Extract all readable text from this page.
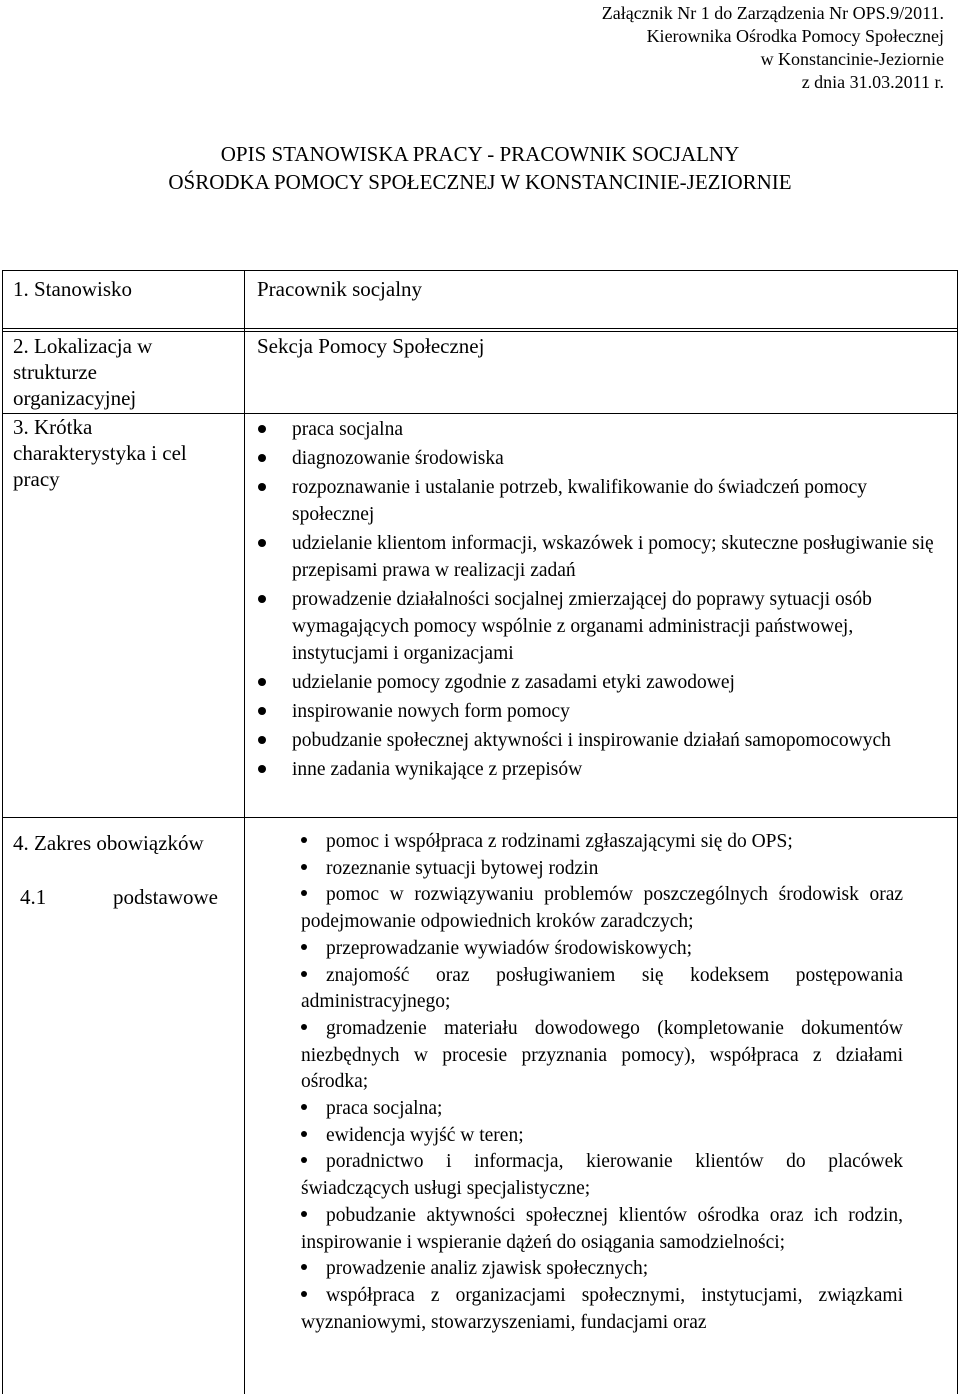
Załącznik Nr 1 do Zarządzenia Nr OPS.9/2011.
Kierownika Ośrodka Pomocy Społecznej
w Konstancinie-Jeziornie
z dnia 31.03.2011 r.
OPIS STANOWISKA PRACY - PRACOWNIK SOCJALNY
OŚRODKA POMOCY SPOŁECZNEJ W KONSTANCINIE-JEZIORNIE
1. Stanowisko	Pracownik socjalny
2. Lokalizacja w
strukturze
organizacyjnej
Sekcja Pomocy Społecznej
3. Krótka
charakterystyka i cel
pracy
praca socjalna
diagnozowanie środowiska
rozpoznawanie i ustalanie potrzeb, kwalifikowanie do świadczeń pomocy społecznej
udzielanie klientom informacji, wskazówek i pomocy; skuteczne posługiwanie się przepisami prawa w realizacji zadań
prowadzenie działalności socjalnej zmierzającej do poprawy sytuacji osób wymagających pomocy wspólnie z organami administracji państwowej, instytucjami i organizacjami
udzielanie pomocy zgodnie z zasadami etyki zawodowej
inspirowanie nowych form pomocy
pobudzanie społecznej aktywności i inspirowanie działań samopomocowych
inne zadania wynikające z przepisów
4. Zakres obowiązków
4.1	podstawowe
pomoc i współpraca z rodzinami zgłaszającymi się do OPS;
rozeznanie sytuacji bytowej rodzin
pomoc w rozwiązywaniu problemów poszczególnych środowisk oraz podejmowanie odpowiednich kroków zaradczych;
przeprowadzanie wywiadów środowiskowych;
znajomość oraz posługiwaniem się kodeksem postępowania administracyjnego;
gromadzenie materiału dowodowego (kompletowanie dokumentów niezbędnych w procesie przyznania pomocy), współpraca z działami ośrodka;
praca socjalna;
ewidencja wyjść w teren;
poradnictwo i informacja, kierowanie klientów do placówek świadczących usługi specjalistyczne;
pobudzanie aktywności społecznej klientów ośrodka oraz ich rodzin, inspirowanie i wspieranie dążeń do osiągania samodzielności;
prowadzenie analiz zjawisk społecznych;
współpraca z organizacjami społecznymi, instytucjami, związkami wyznaniowymi, stowarzyszeniami, fundacjami oraz
